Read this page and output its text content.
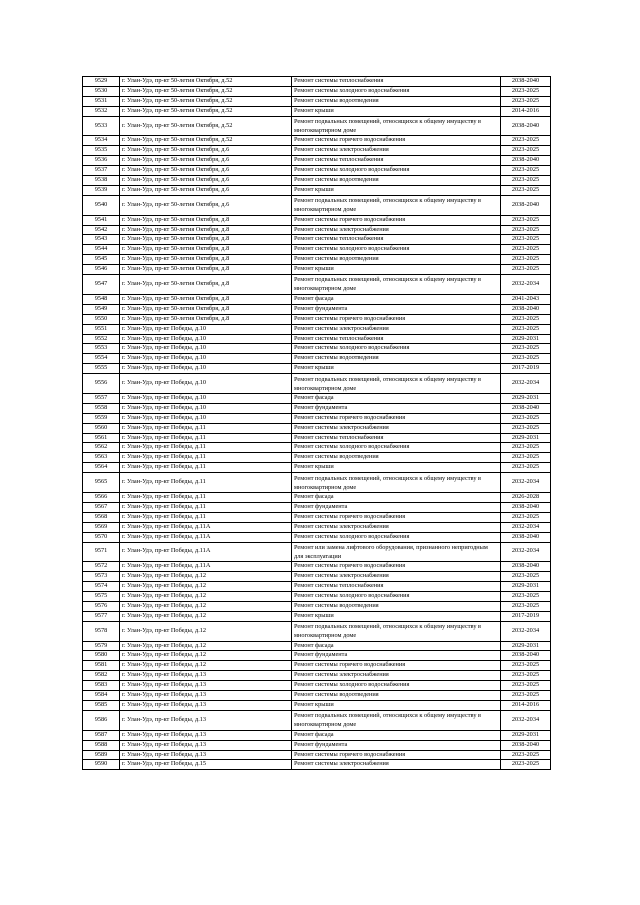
9529	г. Улан-Удэ, пр-кт 50-летия Октября, д.52	Ремонт системы теплоснабжения	2038-2040
9530	г. Улан-Удэ, пр-кт 50-летия Октября, д.52	Ремонт системы холодного водоснабжения	2023-2025
9531	г. Улан-Удэ, пр-кт 50-летия Октября, д.52	Ремонт системы водоотведения	2023-2025
9532	г. Улан-Удэ, пр-кт 50-летия Октября, д.52	Ремонт крыши	2014-2016
9533	г. Улан-Удэ, пр-кт 50-летия Октября, д.52	Ремонт подвальных помещений, относящихся к общему имуществу в многоквартирном доме	2038-2040
9534	г. Улан-Удэ, пр-кт 50-летия Октября, д.52	Ремонт системы горячего водоснабжения	2023-2025
9535	г. Улан-Удэ, пр-кт 50-летия Октября, д.6	Ремонт системы электроснабжения	2023-2025
9536	г. Улан-Удэ, пр-кт 50-летия Октября, д.6	Ремонт системы теплоснабжения	2038-2040
9537	г. Улан-Удэ, пр-кт 50-летия Октября, д.6	Ремонт системы холодного водоснабжения	2023-2025
9538	г. Улан-Удэ, пр-кт 50-летия Октября, д.6	Ремонт системы водоотведения	2023-2025
9539	г. Улан-Удэ, пр-кт 50-летия Октября, д.6	Ремонт крыши	2023-2025
9540	г. Улан-Удэ, пр-кт 50-летия Октября, д.6	Ремонт подвальных помещений, относящихся к общему имуществу в многоквартирном доме	2038-2040
9541	г. Улан-Удэ, пр-кт 50-летия Октября, д.8	Ремонт системы горячего водоснабжения	2023-2025
9542	г. Улан-Удэ, пр-кт 50-летия Октября, д.8	Ремонт системы электроснабжения	2023-2025
9543	г. Улан-Удэ, пр-кт 50-летия Октября, д.8	Ремонт системы теплоснабжения	2023-2025
9544	г. Улан-Удэ, пр-кт 50-летия Октября, д.8	Ремонт системы холодного водоснабжения	2023-2025
9545	г. Улан-Удэ, пр-кт 50-летия Октября, д.8	Ремонт системы водоотведения	2023-2025
9546	г. Улан-Удэ, пр-кт 50-летия Октября, д.8	Ремонт крыши	2023-2025
9547	г. Улан-Удэ, пр-кт 50-летия Октября, д.8	Ремонт подвальных помещений, относящихся к общему имуществу в многоквартирном доме	2032-2034
9548	г. Улан-Удэ, пр-кт 50-летия Октября, д.8	Ремонт фасада	2041-2043
9549	г. Улан-Удэ, пр-кт 50-летия Октября, д.8	Ремонт фундамента	2038-2040
9550	г. Улан-Удэ, пр-кт 50-летия Октября, д.8	Ремонт системы горячего водоснабжения	2023-2025
9551	г. Улан-Удэ, пр-кт Победы, д.10	Ремонт системы электроснабжения	2023-2025
9552	г. Улан-Удэ, пр-кт Победы, д.10	Ремонт системы теплоснабжения	2029-2031
9553	г. Улан-Удэ, пр-кт Победы, д.10	Ремонт системы холодного водоснабжения	2023-2025
9554	г. Улан-Удэ, пр-кт Победы, д.10	Ремонт системы водоотведения	2023-2025
9555	г. Улан-Удэ, пр-кт Победы, д.10	Ремонт крыши	2017-2019
9556	г. Улан-Удэ, пр-кт Победы, д.10	Ремонт подвальных помещений, относящихся к общему имуществу в многоквартирном доме	2032-2034
9557	г. Улан-Удэ, пр-кт Победы, д.10	Ремонт фасада	2029-2031
9558	г. Улан-Удэ, пр-кт Победы, д.10	Ремонт фундамента	2038-2040
9559	г. Улан-Удэ, пр-кт Победы, д.10	Ремонт системы горячего водоснабжения	2023-2025
9560	г. Улан-Удэ, пр-кт Победы, д.11	Ремонт системы электроснабжения	2023-2025
9561	г. Улан-Удэ, пр-кт Победы, д.11	Ремонт системы теплоснабжения	2029-2031
9562	г. Улан-Удэ, пр-кт Победы, д.11	Ремонт системы холодного водоснабжения	2023-2025
9563	г. Улан-Удэ, пр-кт Победы, д.11	Ремонт системы водоотведения	2023-2025
9564	г. Улан-Удэ, пр-кт Победы, д.11	Ремонт крыши	2023-2025
9565	г. Улан-Удэ, пр-кт Победы, д.11	Ремонт подвальных помещений, относящихся к общему имуществу в многоквартирном доме	2032-2034
9566	г. Улан-Удэ, пр-кт Победы, д.11	Ремонт фасада	2026-2028
9567	г. Улан-Удэ, пр-кт Победы, д.11	Ремонт фундамента	2038-2040
9568	г. Улан-Удэ, пр-кт Победы, д.11	Ремонт системы горячего водоснабжения	2023-2025
9569	г. Улан-Удэ, пр-кт Победы, д.11А	Ремонт системы электроснабжения	2032-2034
9570	г. Улан-Удэ, пр-кт Победы, д.11А	Ремонт системы холодного водоснабжения	2038-2040
9571	г. Улан-Удэ, пр-кт Победы, д.11А	Ремонт или замена лифтового оборудования, признанного непригодным для эксплуатации	2032-2034
9572	г. Улан-Удэ, пр-кт Победы, д.11А	Ремонт системы горячего водоснабжения	2038-2040
9573	г. Улан-Удэ, пр-кт Победы, д.12	Ремонт системы электроснабжения	2023-2025
9574	г. Улан-Удэ, пр-кт Победы, д.12	Ремонт системы теплоснабжения	2029-2031
9575	г. Улан-Удэ, пр-кт Победы, д.12	Ремонт системы холодного водоснабжения	2023-2025
9576	г. Улан-Удэ, пр-кт Победы, д.12	Ремонт системы водоотведения	2023-2025
9577	г. Улан-Удэ, пр-кт Победы, д.12	Ремонт крыши	2017-2019
9578	г. Улан-Удэ, пр-кт Победы, д.12	Ремонт подвальных помещений, относящихся к общему имуществу в многоквартирном доме	2032-2034
9579	г. Улан-Удэ, пр-кт Победы, д.12	Ремонт фасада	2029-2031
9580	г. Улан-Удэ, пр-кт Победы, д.12	Ремонт фундамента	2038-2040
9581	г. Улан-Удэ, пр-кт Победы, д.12	Ремонт системы горячего водоснабжения	2023-2025
9582	г. Улан-Удэ, пр-кт Победы, д.13	Ремонт системы электроснабжения	2023-2025
9583	г. Улан-Удэ, пр-кт Победы, д.13	Ремонт системы холодного водоснабжения	2023-2025
9584	г. Улан-Удэ, пр-кт Победы, д.13	Ремонт системы водоотведения	2023-2025
9585	г. Улан-Удэ, пр-кт Победы, д.13	Ремонт крыши	2014-2016
9586	г. Улан-Удэ, пр-кт Победы, д.13	Ремонт подвальных помещений, относящихся к общему имуществу в многоквартирном доме	2032-2034
9587	г. Улан-Удэ, пр-кт Победы, д.13	Ремонт фасада	2029-2031
9588	г. Улан-Удэ, пр-кт Победы, д.13	Ремонт фундамента	2038-2040
9589	г. Улан-Удэ, пр-кт Победы, д.13	Ремонт системы горячего водоснабжения	2023-2025
9590	г. Улан-Удэ, пр-кт Победы, д.15	Ремонт системы электроснабжения	2023-2025
